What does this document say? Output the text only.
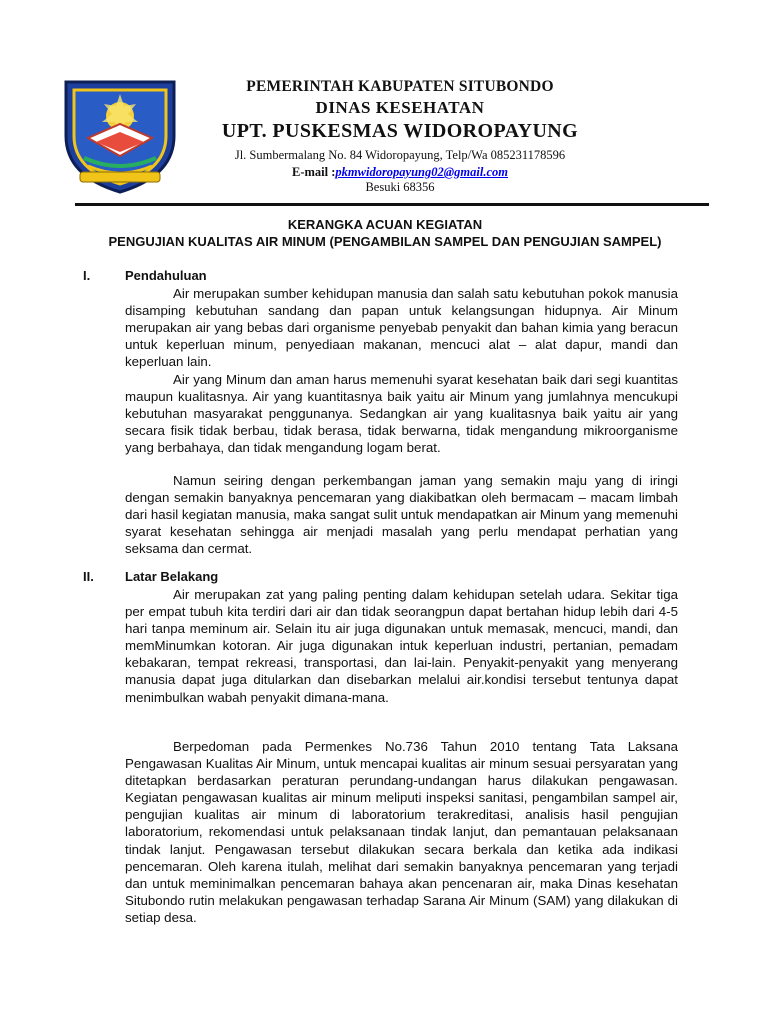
PEMERINTAH KABUPATEN SITUBONDO
DINAS KESEHATAN
UPT. PUSKESMAS WIDOROPAYUNG
Jl. Sumbermalang No. 84 Widoropayung, Telp/Wa 085231178596
E-mail :pkmwidoropayung02@gmail.com
Besuki 68356
KERANGKA ACUAN KEGIATAN
PENGUJIAN KUALITAS AIR MINUM (PENGAMBILAN SAMPEL DAN PENGUJIAN SAMPEL)
I.	Pendahuluan

Air merupakan sumber kehidupan manusia dan salah satu kebutuhan pokok manusia disamping kebutuhan sandang dan papan untuk kelangsungan hidupnya. Air Minum merupakan air yang bebas dari organisme penyebab penyakit dan bahan kimia yang beracun untuk keperluan minum, penyediaan makanan, mencuci alat – alat dapur, mandi dan keperluan lain.

Air yang Minum dan aman harus memenuhi syarat kesehatan baik dari segi kuantitas maupun kualitasnya. Air yang kuantitasnya baik yaitu air Minum yang jumlahnya mencukupi kebutuhan masyarakat penggunanya. Sedangkan air yang kualitasnya baik yaitu air yang secara fisik tidak berbau, tidak berasa, tidak berwarna, tidak mengandung mikroorganisme yang berbahaya, dan tidak mengandung logam berat.

Namun seiring dengan perkembangan jaman yang semakin maju yang di iringi dengan semakin banyaknya pencemaran yang diakibatkan oleh bermacam – macam limbah dari hasil kegiatan manusia, maka sangat sulit untuk mendapatkan air Minum yang memenuhi syarat kesehatan sehingga air menjadi masalah yang perlu mendapat perhatian yang seksama dan cermat.

II. Latar Belakang

Air merupakan zat yang paling penting dalam kehidupan setelah udara. Sekitar tiga per empat tubuh kita terdiri dari air dan tidak seorangpun dapat bertahan hidup lebih dari 4-5 hari tanpa meminum air. Selain itu air juga digunakan untuk memasak, mencuci, mandi, dan memMinumkan kotoran. Air juga digunakan intuk keperluan industri, pertanian, pemadam kebakaran, tempat rekreasi, transportasi, dan lai-lain. Penyakit-penyakit yang menyerang manusia dapat juga ditularkan dan disebarkan melalui air.kondisi tersebut tentunya dapat menimbulkan wabah penyakit dimana-mana.

Berpedoman pada Permenkes No.736 Tahun 2010 tentang Tata Laksana Pengawasan Kualitas Air Minum, untuk mencapai kualitas air minum sesuai persyaratan yang ditetapkan berdasarkan peraturan perundang-undangan harus dilakukan pengawasan. Kegiatan pengawasan kualitas air minum meliputi inspeksi sanitasi, pengambilan sampel air, pengujian kualitas air minum di laboratorium terakreditasi, analisis hasil pengujian laboratorium, rekomendasi untuk pelaksanaan tindak lanjut, dan pemantauan pelaksanaan tindak lanjut. Pengawasan tersebut dilakukan secara berkala dan ketika ada indikasi pencemaran. Oleh karena itulah, melihat dari semakin banyaknya pencemaran yang terjadi dan untuk meminimalkan pencemaran bahaya akan pencenaran air, maka Dinas kesehatan Situbondo rutin melakukan pengawasan terhadap Sarana Air Minum (SAM) yang dilakukan di setiap desa.
